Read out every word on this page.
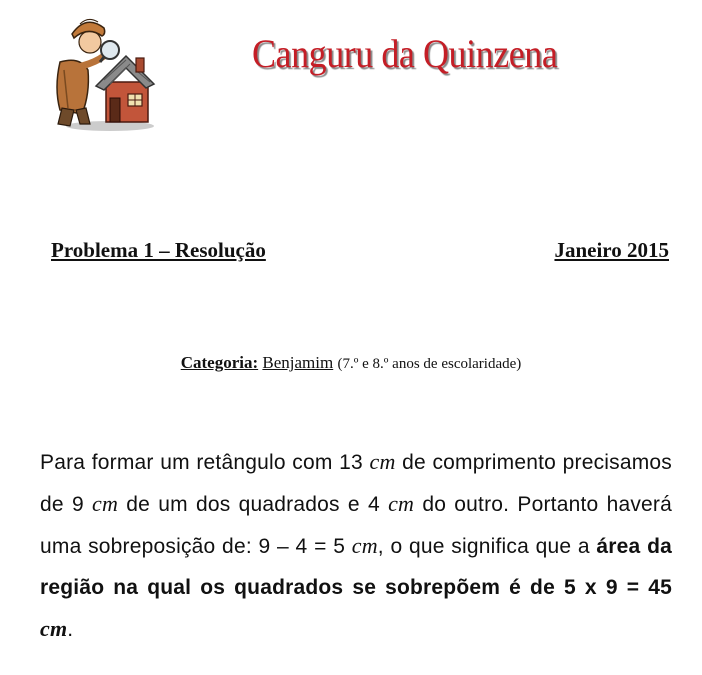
Canguru da Quinzena
Problema 1 – Resolução	Janeiro 2015
Categoria: Benjamim (7.º e 8.º anos de escolaridade)
Para formar um retângulo com 13 cm de comprimento precisamos de 9 cm de um dos quadrados e 4 cm do outro. Portanto haverá uma sobreposição de: 9 – 4 = 5 cm, o que significa que a área da região na qual os quadrados se sobrepõem é de 5 x 9 = 45 cm.
